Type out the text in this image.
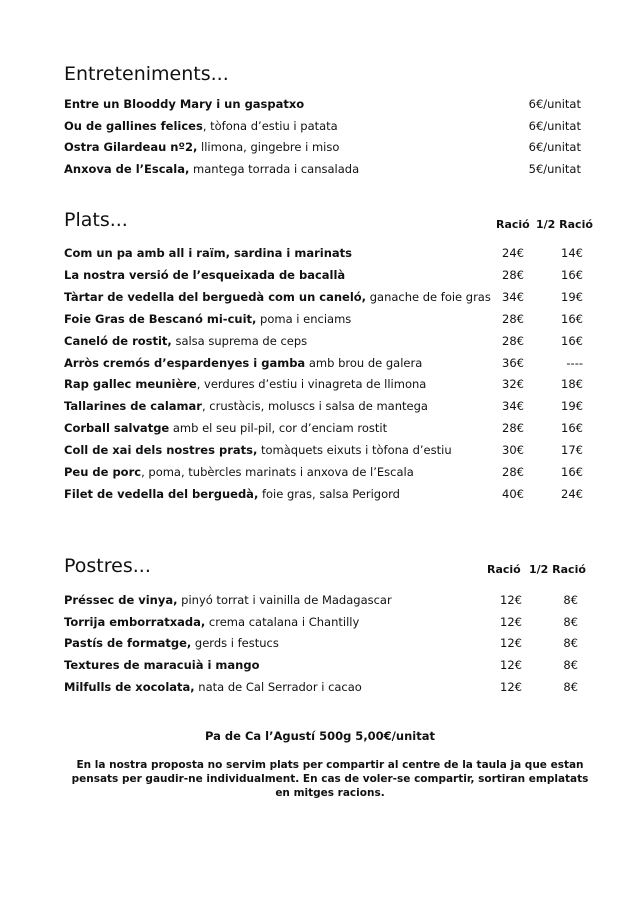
Entreteniments...
Entre un Blooddy Mary i un gaspatxo	6€/unitat
Ou de gallines felices, tòfona d’estiu i patata	6€/unitat
Ostra Gilardeau nº2, llimona, gingebre i miso	6€/unitat
Anxova de l’Escala, mantega torrada i cansalada	5€/unitat
Plats...	Ració 1/2 Ració
Com un pa amb all i raïm, sardina i marinats	24€	14€
La nostra versió de l’esqueixada de bacallà	28€	16€
Tàrtar de vedella del berguedà com un caneló, ganache de foie gras 34€	19€
Foie Gras de Bescanó mi-cuit, poma i enciams	28€	16€
Caneló de rostit, salsa suprema de ceps	28€	16€
Arròs cremós d’espardenyes i gamba amb brou de galera	36€	----
Rap gallec meunière, verdures d’estiu i vinagreta de llimona	32€	18€
Tallarines de calamar, crustàcis, moluscs i salsa de mantega	34€	19€
Corball salvatge amb el seu pil-pil, cor d’enciam rostit	28€	16€
Coll de xai dels nostres prats, tomàquets eixuts i tòfona d’estiu	30€	17€
Peu de porc, poma, tubèrcles marinats i anxova de l’Escala	28€	16€
Filet de vedella del berguedà, foie gras, salsa Perigord	40€	24€
Postres...	Ració 1/2 Ració
Préssec de vinya, pinyó torrat i vainilla de Madagascar	12€	8€
Torrija emborratxada, crema catalana i Chantilly	12€	8€
Pastís de formatge, gerds i festucs	12€	8€
Textures de maracuià i mango	12€	8€
Milfulls de xocolata, nata de Cal Serrador i cacao	12€	8€
Pa de Ca l’Agustí 500g 5,00€/unitat
En la nostra proposta no servim plats per compartir al centre de la taula ja que estan pensats per gaudir-ne individualment. En cas de voler-se compartir, sortiran emplatats en mitges racions.
